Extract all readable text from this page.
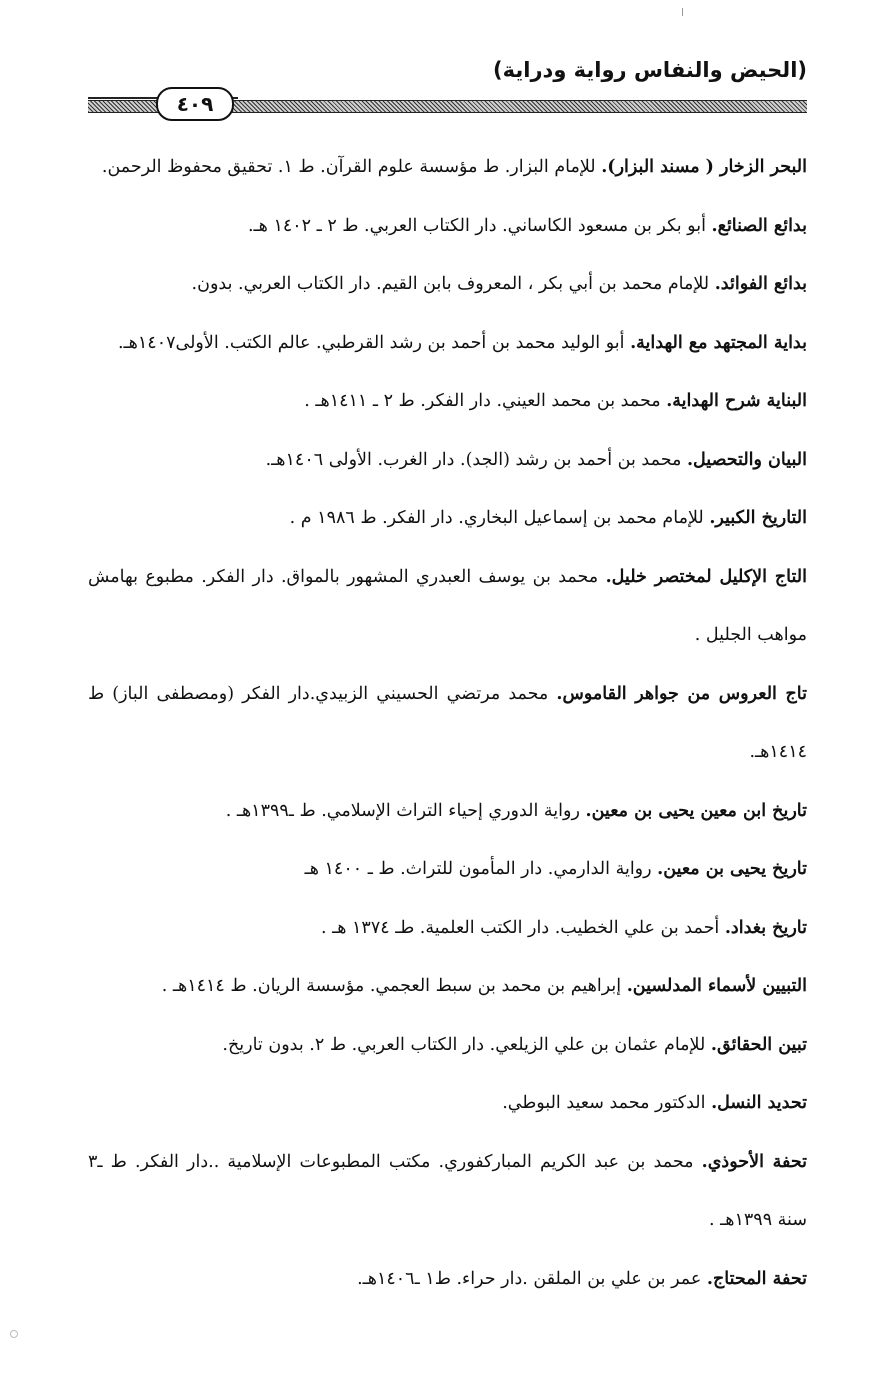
(الحيض والنفاس رواية ودراية)
٤٠٩

البحر الزخار ( مسند البزار). للإمام البزار. ط مؤسسة علوم القرآن. ط ١. تحقيق محفوظ الرحمن.

بدائع الصنائع. أبو بكر بن مسعود الكاساني. دار الكتاب العربي. ط ٢ ـ ١٤٠٢ هـ.

بدائع الفوائد. للإمام محمد بن أبي بكر ، المعروف بابن القيم. دار الكتاب العربي. بدون.

بداية المجتهد مع الهداية. أبو الوليد محمد بن أحمد بن رشد القرطبي. عالم الكتب. الأولى١٤٠٧هـ.

البناية شرح الهداية. محمد بن محمد العيني. دار الفكر. ط ٢ ـ ١٤١١هـ .

البيان والتحصيل. محمد بن أحمد بن رشد (الجد). دار الغرب. الأولى ١٤٠٦هـ.

التاريخ الكبير. للإمام محمد بن إسماعيل البخاري. دار الفكر. ط ١٩٨٦ م .

التاج الإكليل لمختصر خليل. محمد بن يوسف العبدري المشهور بالمواق. دار الفكر. مطبوع بهامش مواهب الجليل .

تاج العروس من جواهر القاموس. محمد مرتضي الحسيني الزبيدي.دار الفكر (ومصطفى الباز) ط ١٤١٤هـ.

تاريخ ابن معين يحيى بن معين. رواية الدوري إحياء التراث الإسلامي. ط ـ١٣٩٩هـ .

تاريخ يحيى بن معين. رواية الدارمي. دار المأمون للتراث. ط ـ ١٤٠٠ هـ

تاريخ بغداد. أحمد بن علي الخطيب. دار الكتب العلمية. طـ ١٣٧٤ هـ .

التبيين لأسماء المدلسين. إبراهيم بن محمد بن سبط العجمي. مؤسسة الريان. ط ١٤١٤هـ .

تبين الحقائق. للإمام عثمان بن علي الزيلعي. دار الكتاب العربي. ط ٢. بدون تاريخ.

تحديد النسل. الدكتور محمد سعيد البوطي.

تحفة الأحوذي. محمد بن عبد الكريم المباركفوري. مكتب المطبوعات الإسلامية ..دار الفكر. ط ـ٣ سنة ١٣٩٩هـ .

تحفة المحتاج. عمر بن علي بن الملقن .دار حراء. ط١ ـ١٤٠٦هـ.
